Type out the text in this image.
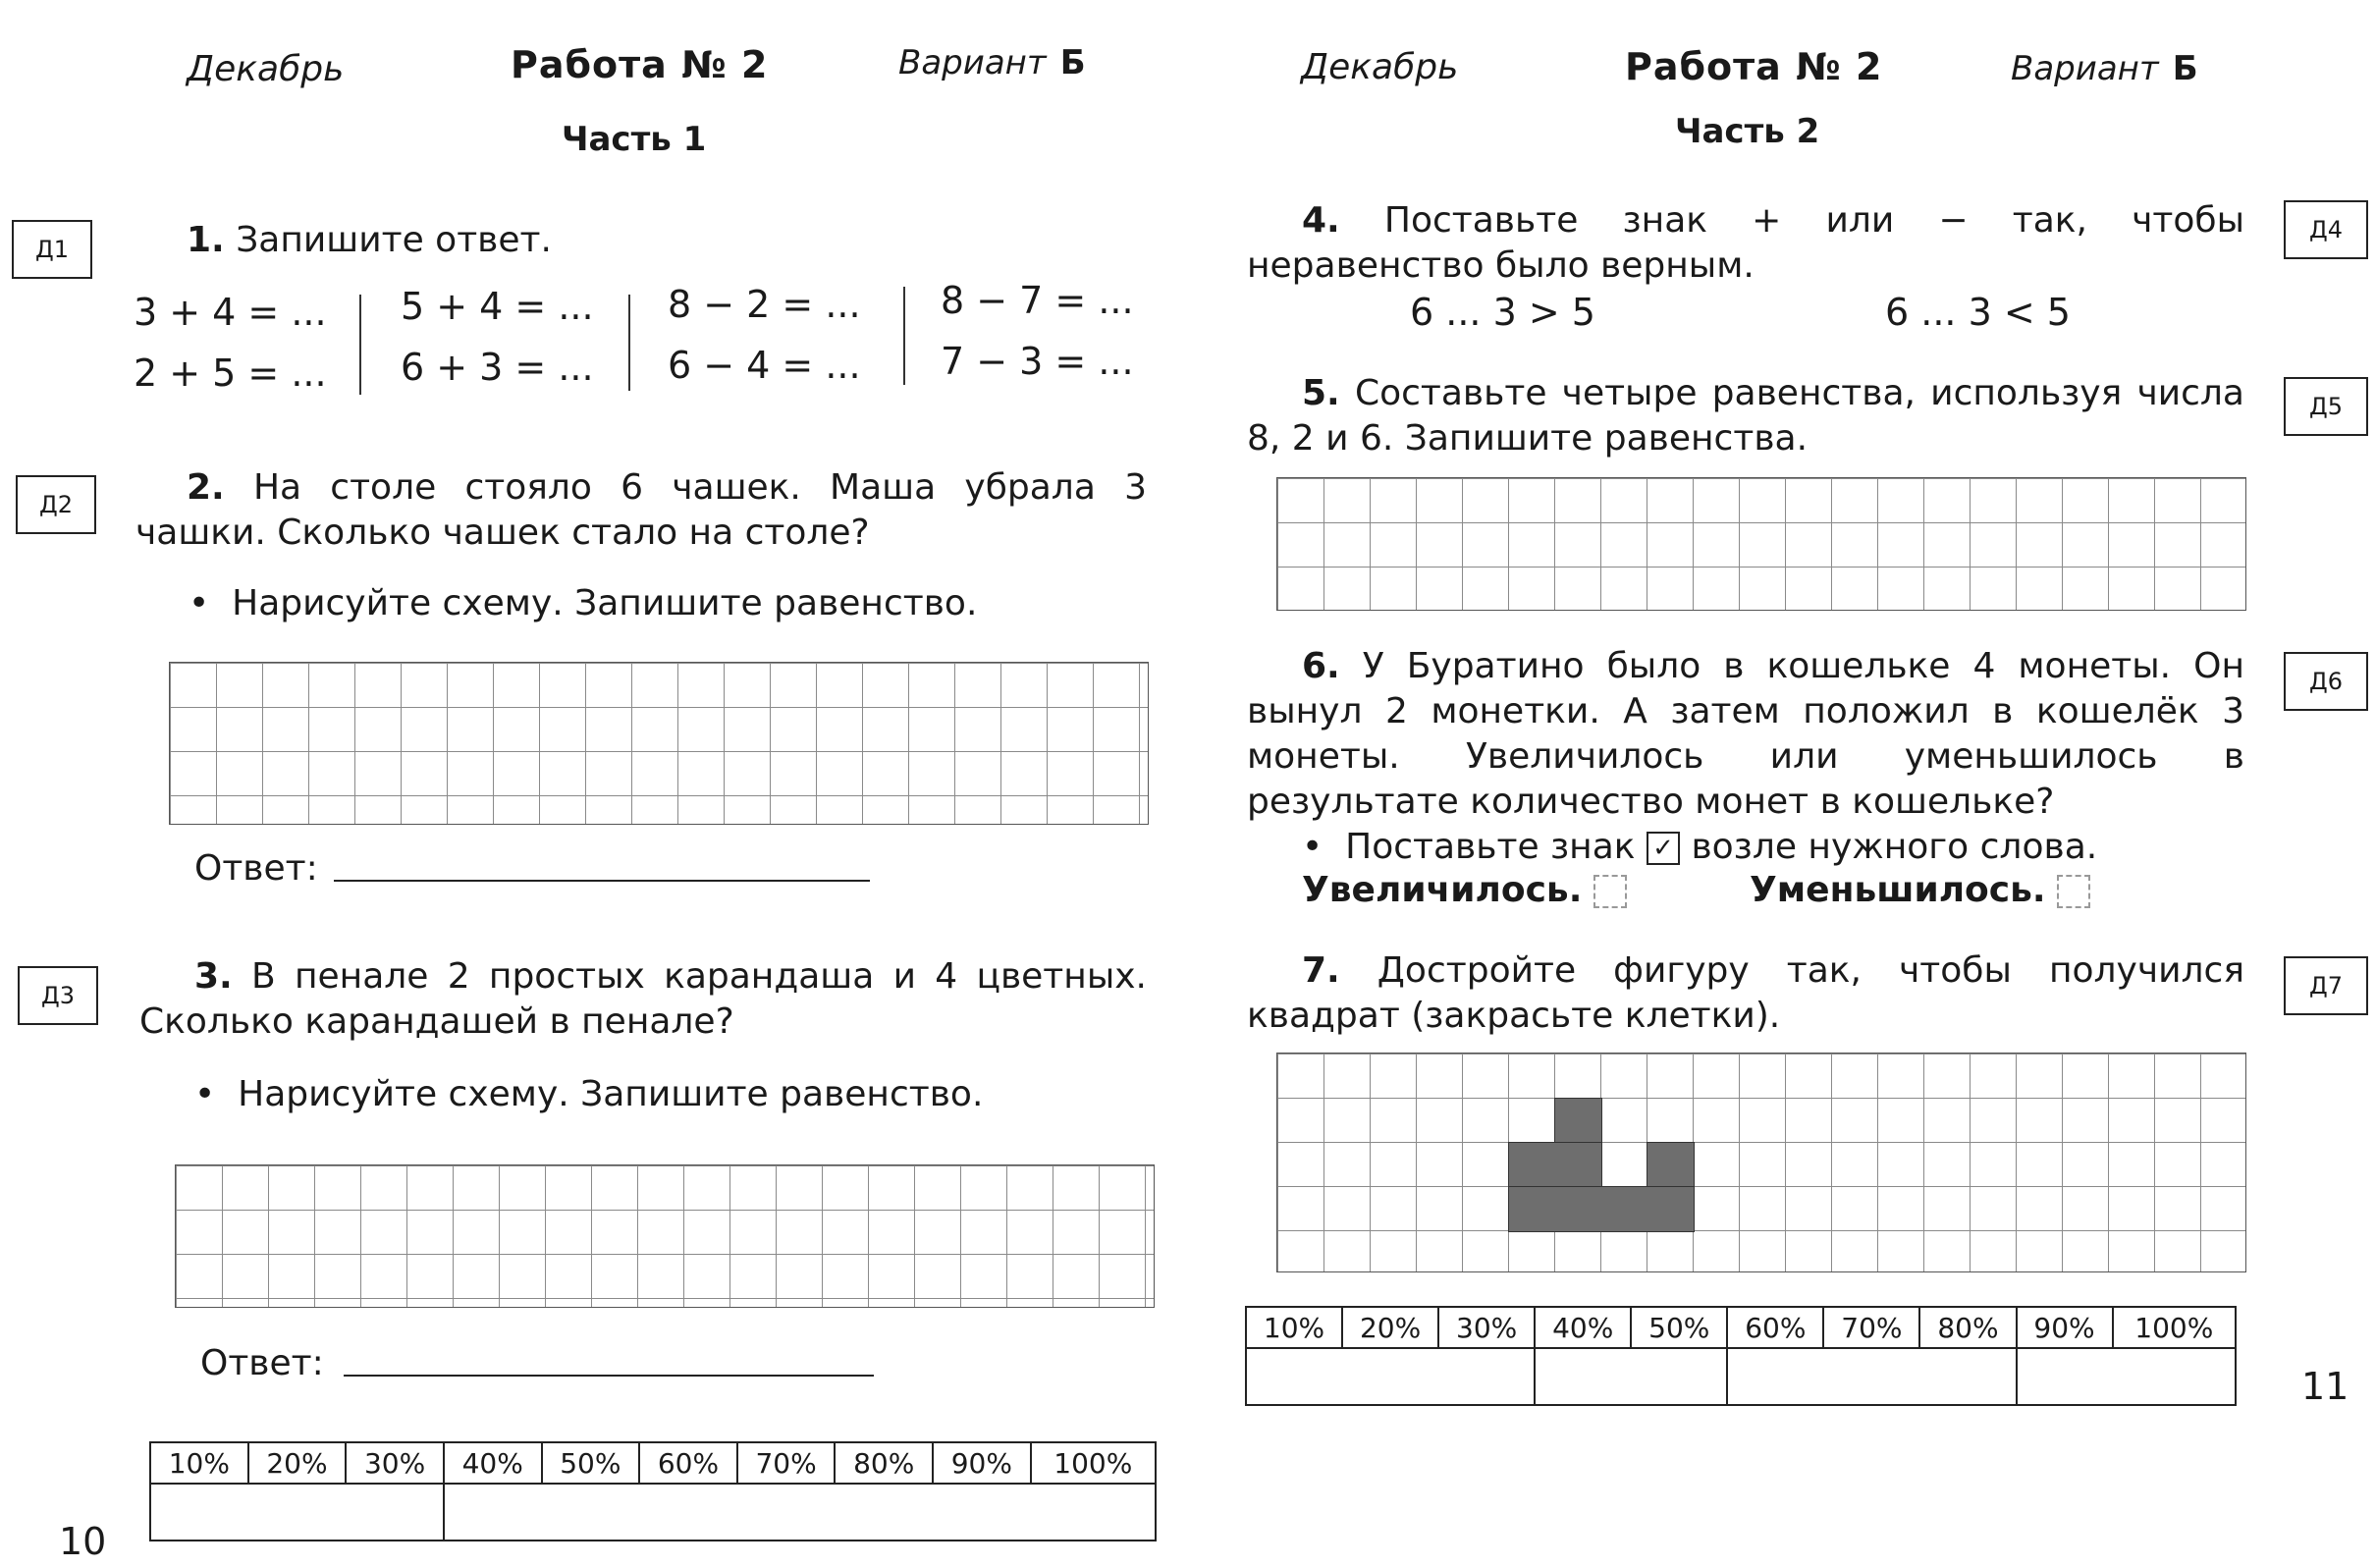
Декабрь	Работа № 2	Вариант Б
Часть 1
Д1	1. Запишите ответ.
3 + 4 = ...
2 + 5 = ...
5 + 4 = ...
6 + 3 = ...
8 − 2 = ...
6 − 4 = ...
8 − 7 = ...
7 − 3 = ...
Д2	2. На столе стояло 6 чашек. Маша убрала 3 чашки. Сколько чашек стало на столе?
• Нарисуйте схему. Запишите равенство.
Ответ:
Д3	3. В пенале 2 простых карандаша и 4 цветных. Сколько карандашей в пенале?
• Нарисуйте схему. Запишите равенство.
Ответ:
10%	20%	30%	40%	50%	60%	70%	80%	90%	100%

10
Декабрь	Работа № 2	Вариант Б
Часть 2
Д4
4. Поставьте знак + или − так, чтобы неравенство было верным.
6 ... 3 > 5	6 ... 3 < 5
Д5
5. Составьте четыре равенства, используя числа 8, 2 и 6. Запишите равенства.
Д6
6. У Буратино было в кошельке 4 монеты. Он вынул 2 монетки. А затем положил в кошелёк 3 монеты. Увеличилось или уменьшилось в результате количество монет в кошельке?
• Поставьте знак ✓ возле нужного слова.
Увеличилось.	Уменьшилось.
Д7
7. Достройте фигуру так, чтобы получился квадрат (закрасьте клетки).
10%	20%	30%	40%	50%	60%	70%	80%	90%	100%

11
